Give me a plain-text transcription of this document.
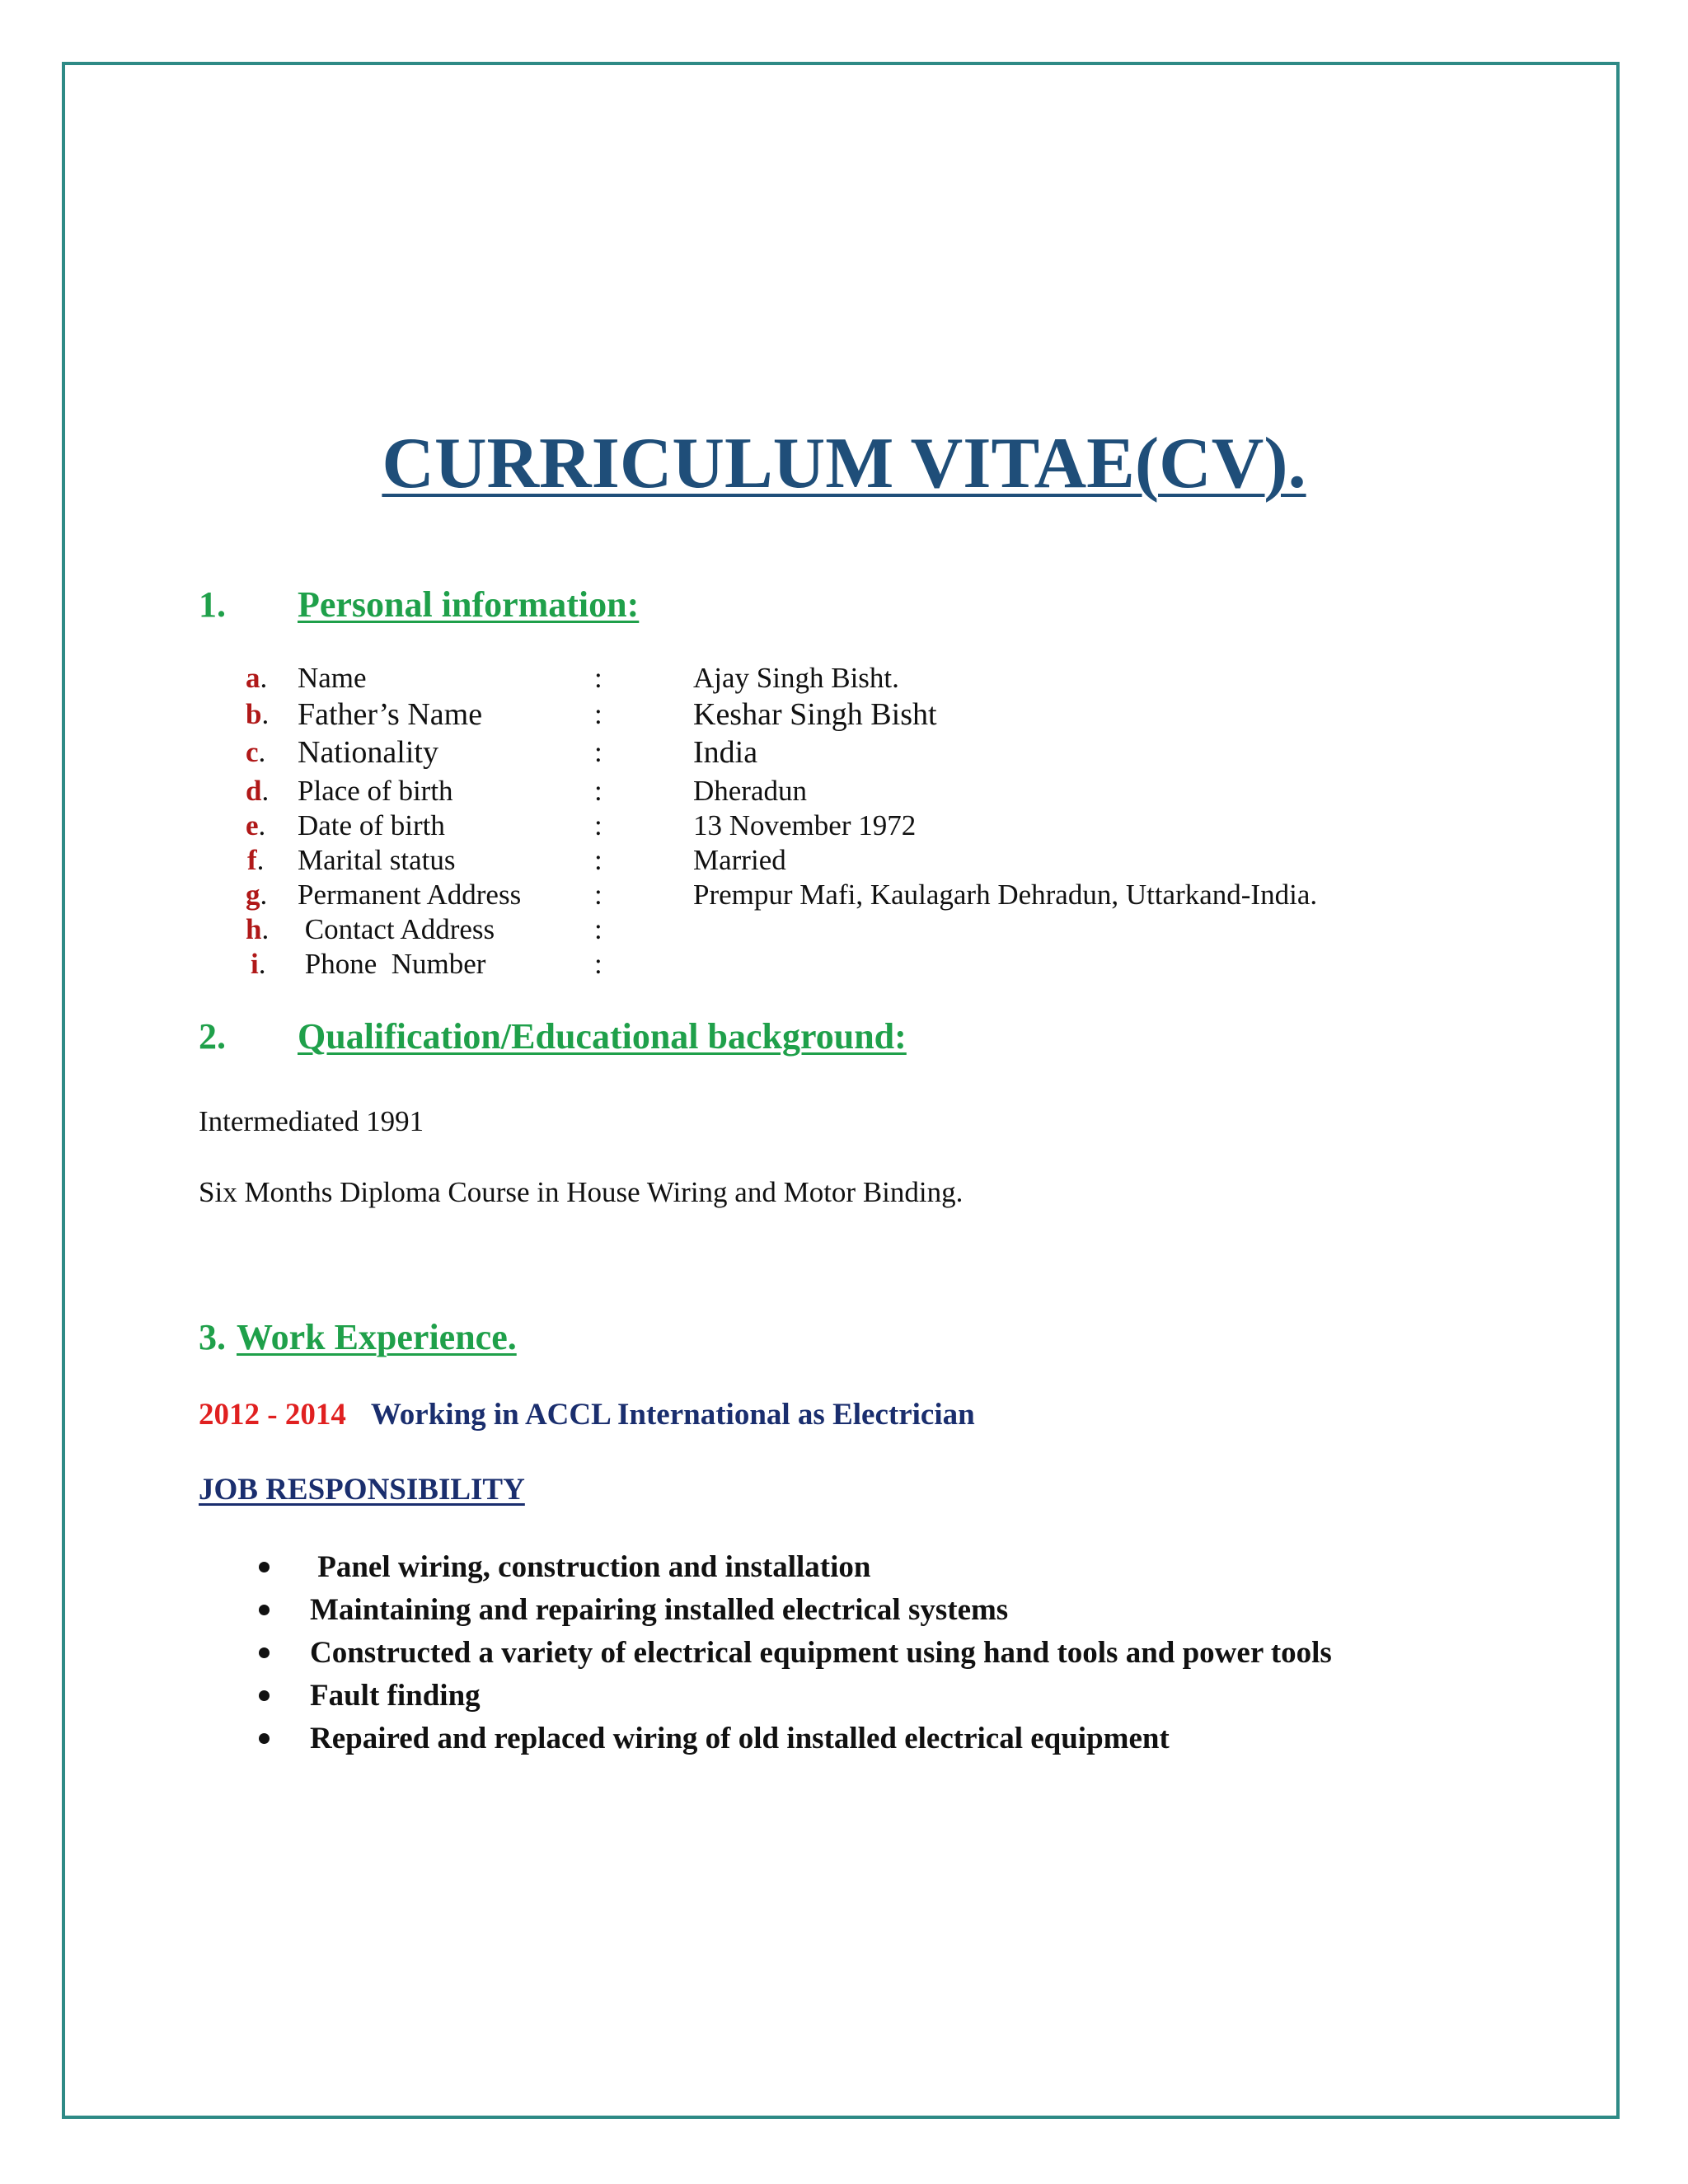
CURRICULUM VITAE(CV).
1. Personal information:
a. Name	:	Ajay Singh Bisht.
b. Father’s Name	:	Keshar Singh Bisht
c. Nationality	:	India
d. Place of birth	:	Dheradun
e. Date of birth	:	13 November 1972
f. Marital status	:	Married
g. Permanent Address	:	Prempur Mafi, Kaulagarh Dehradun, Uttarkand-India.
h. Contact Address	:
i. Phone  Number	:
2. Qualification/Educational background:
Intermediated 1991
Six Months Diploma Course in House Wiring and Motor Binding.
3. Work Experience.
2012 - 2014 Working in ACCL International as Electrician
JOB RESPONSIBILITY
Panel wiring, construction and installation
Maintaining and repairing installed electrical systems
Constructed a variety of electrical equipment using hand tools and power tools
Fault finding
Repaired and replaced wiring of old installed electrical equipment
